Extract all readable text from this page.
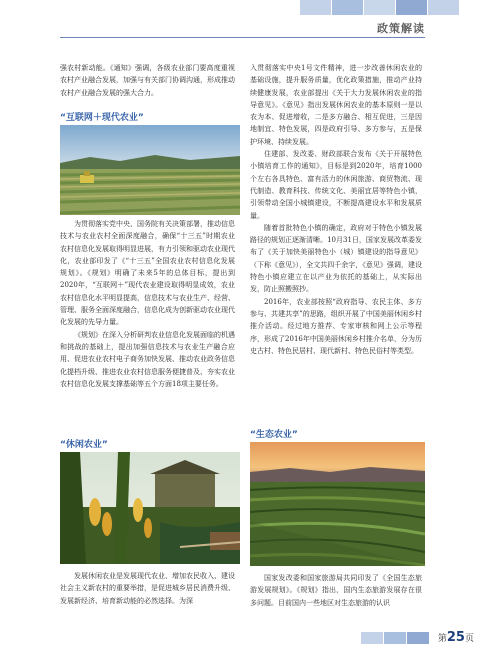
政策解读

强农村新动能。《通知》强调，各级农业部门要高度重视农村产业融合发展，加强与有关部门协调沟通，形成推动农村产业融合发展的强大合力。

“互联网＋现代农业”

为贯彻落实党中央、国务院有关决策部署，推动信息技术与农业农村全面深度融合，确保“十三五”时期农业农村信息化发展取得明显进展，有力引领和驱动农业现代化，农业部印发了《“十三五”全国农业农村信息化发展规划》。《规划》明确了未来5年的总体目标，提出到2020年，“互联网＋”现代农业建设取得明显成效，农业农村信息化水平明显提高，信息技术与农业生产、经营、管理、服务全面深度融合，信息化成为创新驱动农业现代化发展的先导力量。

《规划》在深入分析研判农业信息化发展面临的机遇和挑战的基础上，提出加强信息技术与农业生产融合应用、促进农业农村电子商务加快发展、推动农业政务信息化提档升级、推进农业农村信息服务便捷普及、夯实农业农村信息化发展支撑基础等五个方面18项主要任务。

“休闲农业”

发展休闲农业是发展现代农业、增加农民收入、建设社会主义新农村的重要举措，是促进城乡居民消费升级、发展新经济、培育新动能的必然选择。为深

入贯彻落实中央1号文件精神，进一步改善休闲农业的基础设施，提升服务质量，优化政策措施，推动产业持续健康发展，农业部提出《关于大力发展休闲农业的指导意见》。《意见》指出发展休闲农业的基本原则一是以农为本、促进增收，二是多方融合、相互促进，三是因地制宜、特色发展，四是政府引导、多方参与，五是保护环境、持续发展。

住建部、发改委、财政部联合发布《关于开展特色小镇培育工作的通知》，目标是到2020年，培育1000个左右各具特色、富有活力的休闲旅游、商贸物流、现代制造、教育科技、传统文化、美丽宜居等特色小镇，引领带动全国小城镇建设，不断提高建设水平和发展质量。

随着首批特色小镇的确定，政府对于特色小镇发展路径的规划正逐渐清晰。10月31日，国家发展改革委发布了《关于加快美丽特色小（城）镇建设的指导意见》（下称《意见》），全文共四千余字，《意见》强调，建设特色小镇应建立在以产业为依托的基础上，从实际出发，防止照搬照抄。

2016年，农业部按照“政府指导、农民主体、多方参与、共建共享”的思路，组织开展了中国美丽休闲乡村推介活动。经过地方推荐、专家审核和网上公示等程序，形成了2016年中国美丽休闲乡村推介名单，分为历史古村、特色民居村、现代新村、特色民俗村等类型。

“生态农业”

国家发改委和国家旅游局共同印发了《全国生态旅游发展规划》。《规划》指出，国内生态旅游发展存在很多问题。目前国内一些地区对生态旅游的认识

第25页
